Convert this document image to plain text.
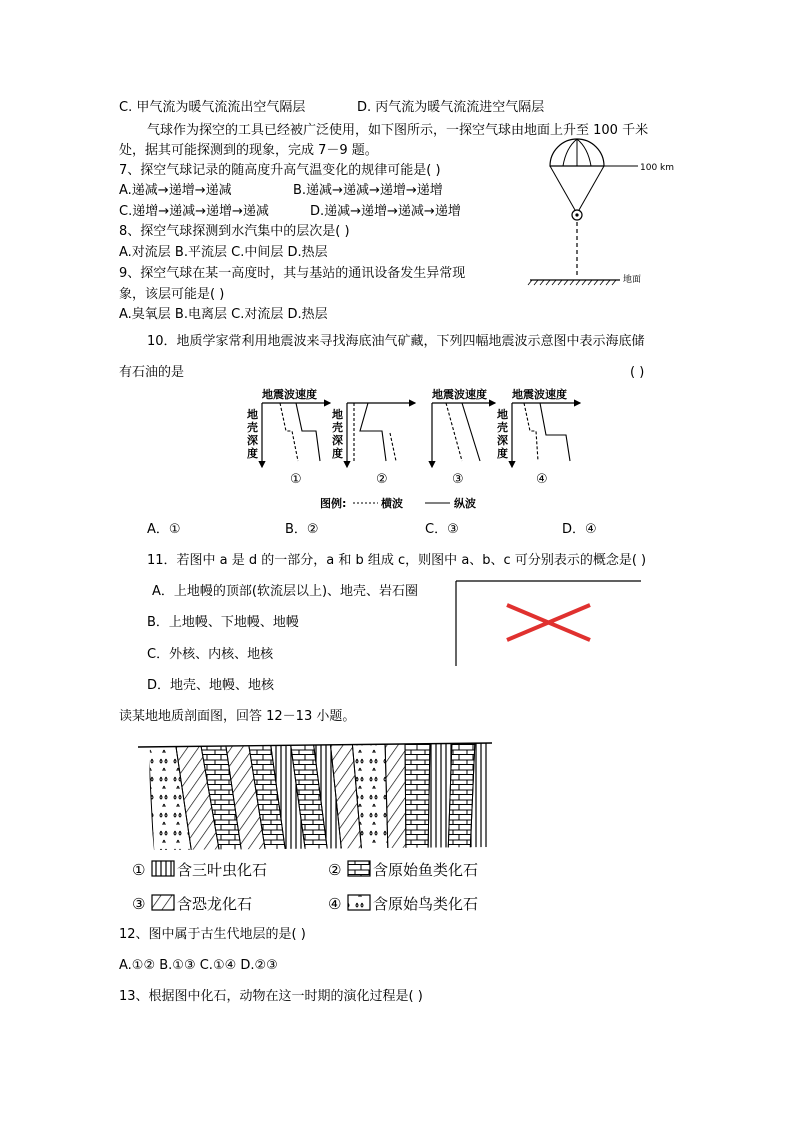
C. 甲气流为暖气流流出空气隔层	D. 丙气流为暖气流流进空气隔层
气球作为探空的工具已经被广泛使用，如下图所示，一探空气球由地面上升至 100 千米
处，据其可能探测到的现象，完成 7－9 题。
7、探空气球记录的随高度升高气温变化的规律可能是( )
A.递减→递增→递减	B.递减→递减→递增→递增
C.递增→递减→递增→递减	D.递减→递增→递减→递增
8、探空气球探测到水汽集中的层次是( )
A.对流层 B.平流层 C.中间层 D.热层
9、探空气球在某一高度时，其与基站的通讯设备发生异常现
象，该层可能是( )
A.臭氧层 B.电离层 C.对流层 D.热层
10．地质学家常利用地震波来寻找海底油气矿藏，下列四幅地震波示意图中表示海底储
有石油的是	( )
A．①	B．②	C．③	D．④
11．若图中 a 是 d 的一部分，a 和 b 组成 c，则图中 a、b、c 可分别表示的概念是( )
A．上地幔的顶部(软流层以上)、地壳、岩石圈
B．上地幔、下地幔、地幔
C．外核、内核、地核
D．地壳、地幔、地核
读某地地质剖面图，回答 12－13 小题。
12、图中属于古生代地层的是( )
A.①② B.①③ C.①④ D.②③
13、根据图中化石，动物在这一时期的演化过程是( )
100 km
地面
地震波速度
地
壳
深
度
①
地
壳
深
度
②
地震波速度
③
地震波速度
地
壳
深
度
④
图例:	横波	纵波
① 含三叶虫化石	② 含原始鱼类化石
③ 含恐龙化石	④ 含原始鸟类化石
